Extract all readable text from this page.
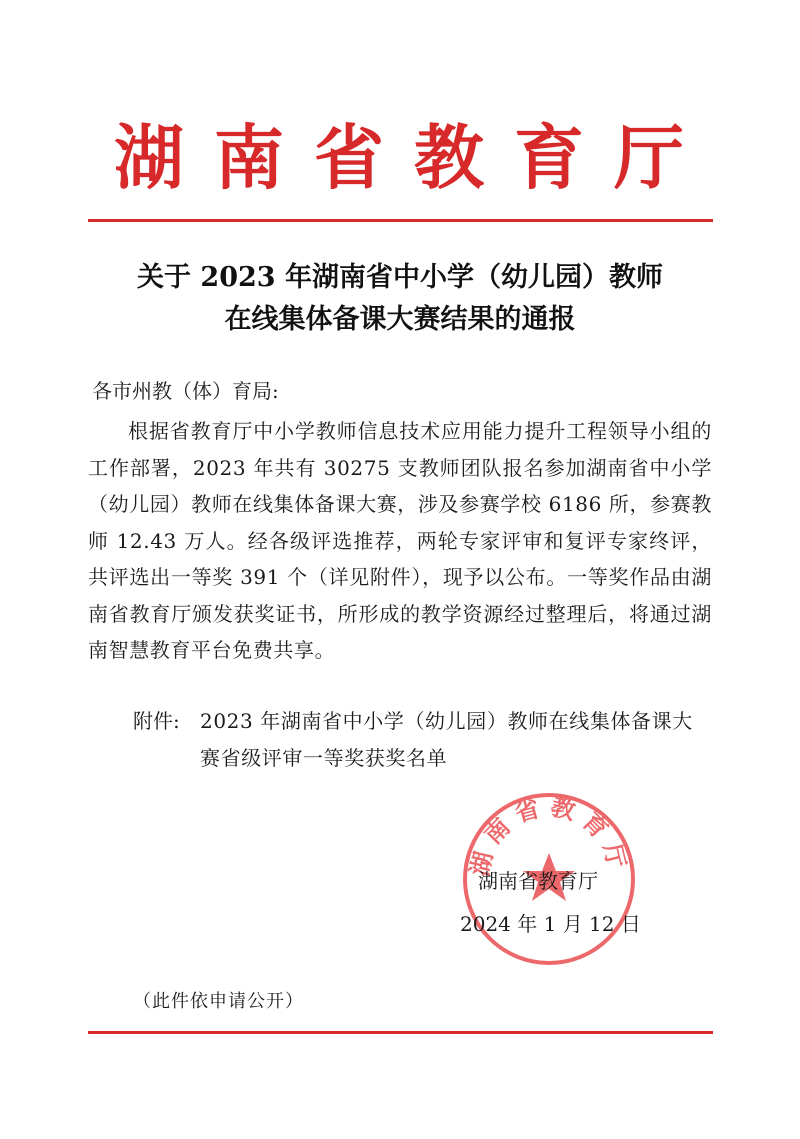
湖南省教育厅
关于 2023 年湖南省中小学（幼儿园）教师
在线集体备课大赛结果的通报
各市州教（体）育局:
根据省教育厅中小学教师信息技术应用能力提升工程领导小组的工作部署，2023 年共有 30275 支教师团队报名参加湖南省中小学（幼儿园）教师在线集体备课大赛，涉及参赛学校 6186 所，参赛教师 12.43 万人。经各级评选推荐，两轮专家评审和复评专家终评，共评选出一等奖 391 个（详见附件），现予以公布。一等奖作品由湖南省教育厅颁发获奖证书，所形成的教学资源经过整理后，将通过湖南智慧教育平台免费共享。
附件: 2023 年湖南省中小学（幼儿园）教师在线集体备课大赛省级评审一等奖获奖名单
湖南省教育厅
湖南省教育厅
2024 年 1 月 12 日
（此件依申请公开）
